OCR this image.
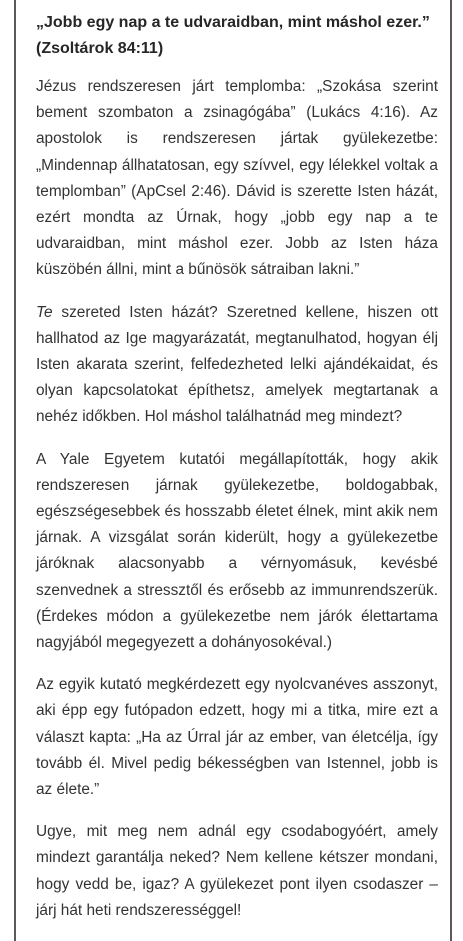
„Jobb egy nap a te udvaraidban, mint máshol ezer.”
(Zsoltárok 84:11)

Jézus rendszeresen járt templomba: „Szokása szerint bement szombaton a zsinagógába” (Lukács 4:16). Az apostolok is rendszeresen jártak gyülekezetbe: „Mindennap állhatatosan, egy szívvel, egy lélekkel voltak a templomban” (ApCsel 2:46). Dávid is szerette Isten házát, ezért mondta az Úrnak, hogy „jobb egy nap a te udvaraidban, mint máshol ezer. Jobb az Isten háza küszöbén állni, mint a bűnösök sátraiban lakni.”

Te szereted Isten házát? Szeretned kellene, hiszen ott hallhatod az Ige magyarázatát, megtanulhatod, hogyan élj Isten akarata szerint, felfedezheted lelki ajándékaidat, és olyan kapcsolatokat építhetsz, amelyek megtartanak a nehéz időkben. Hol máshol találhatnád meg mindezt?

A Yale Egyetem kutatói megállapították, hogy akik rendszeresen járnak gyülekezetbe, boldogabbak, egészségesebbek és hosszabb életet élnek, mint akik nem járnak. A vizsgálat során kiderült, hogy a gyülekezetbe járóknak alacsonyabb a vérnyomásuk, kevésbé szenvednek a stressztől és erősebb az immunrendszerük. (Érdekes módon a gyülekezetbe nem járók élettartama nagyjából megegyezett a dohányosokéval.)

Az egyik kutató megkérdezett egy nyolcvanéves asszonyt, aki épp egy futópadon edzett, hogy mi a titka, mire ezt a választ kapta: „Ha az Úrral jár az ember, van életcélja, így tovább él. Mivel pedig békességben van Istennel, jobb is az élete.”

Ugye, mit meg nem adnál egy csodabogyóért, amely mindezt garantálja neked? Nem kellene kétszer mondani, hogy vedd be, igaz? A gyülekezet pont ilyen csodaszer – járj hát heti rendszerességgel!
